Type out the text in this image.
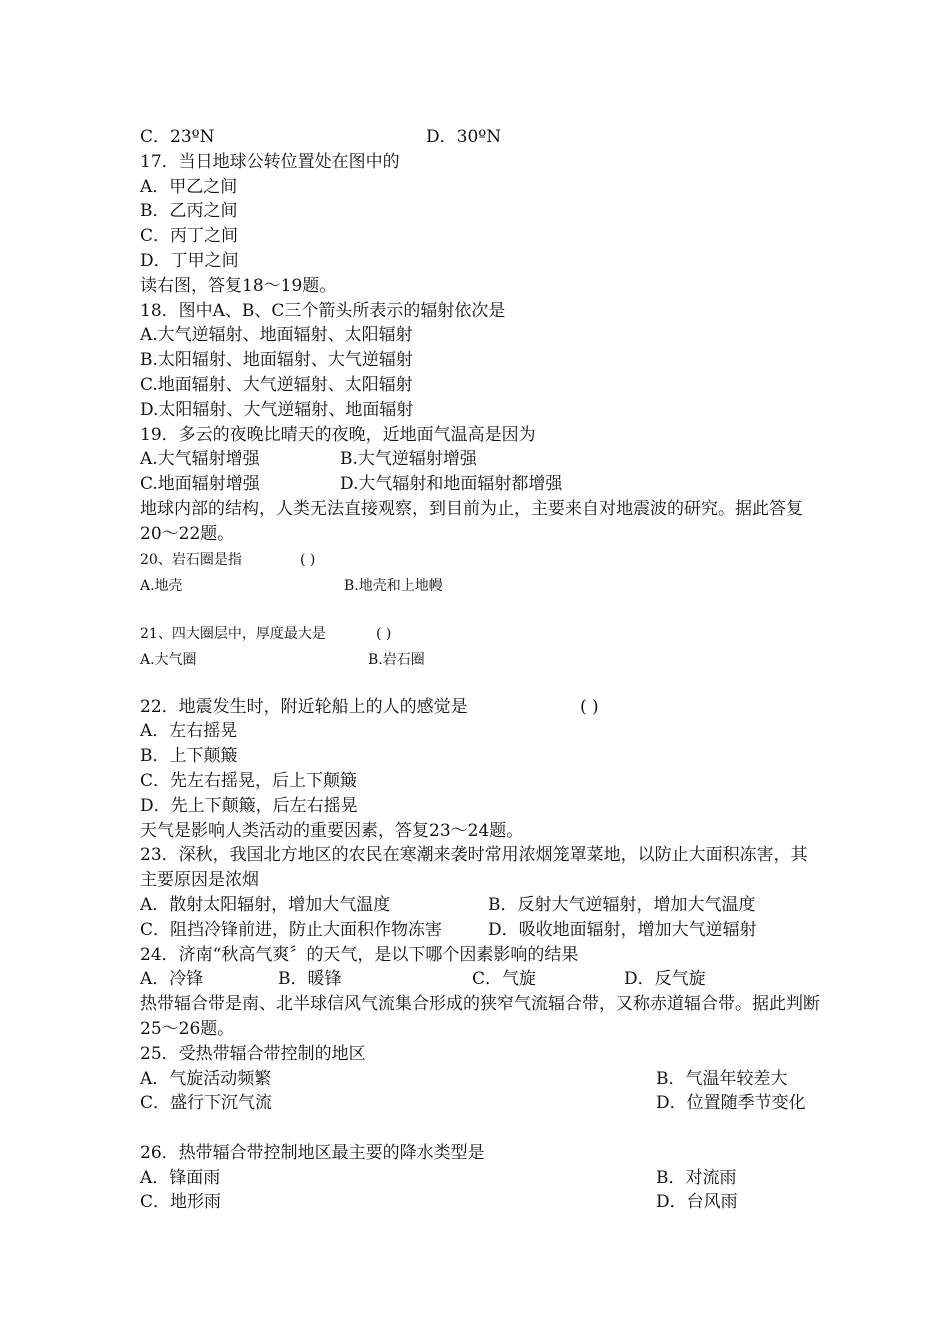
C．23ºN	D．30ºN
17．当日地球公转位置处在图中的
A．甲乙之间
B．乙丙之间
C．丙丁之间
D．丁甲之间
读右图，答复18～19题。
18．图中A、B、C三个箭头所表示的辐射依次是
A.大气逆辐射、地面辐射、太阳辐射
B.太阳辐射、地面辐射、大气逆辐射
C.地面辐射、大气逆辐射、太阳辐射
D.太阳辐射、大气逆辐射、地面辐射
19．多云的夜晚比晴天的夜晚，近地面气温高是因为
A.大气辐射增强	B.大气逆辐射增强
C.地面辐射增强	D.大气辐射和地面辐射都增强
地球内部的结构，人类无法直接观察，到目前为止，主要来自对地震波的研究。据此答复20～22题。
20、岩石圈是指	( )
A.地壳	B.地壳和上地幔
21、四大圈层中，厚度最大是	( )
A.大气圈	B.岩石圈
22．地震发生时，附近轮船上的人的感觉是	( )
A．左右摇晃
B．上下颠簸
C．先左右摇晃，后上下颠簸
D．先上下颠簸，后左右摇晃
天气是影响人类活动的重要因素，答复23～24题。
23．深秋，我国北方地区的农民在寒潮来袭时常用浓烟笼罩菜地，以防止大面积冻害，其主要原因是浓烟
A．散射太阳辐射，增加大气温度	B．反射大气逆辐射，增加大气温度
C．阻挡冷锋前进，防止大面积作物冻害	D．吸收地面辐射，增加大气逆辐射
24．济南“秋高气爽〞的天气，是以下哪个因素影响的结果
A．冷锋	B．暖锋	C．气旋	D．反气旋
热带辐合带是南、北半球信风气流集合形成的狭窄气流辐合带，又称赤道辐合带。据此判断25～26题。
25．受热带辐合带控制的地区
A．气旋活动频繁	B．气温年较差大
C．盛行下沉气流	D．位置随季节变化
26．热带辐合带控制地区最主要的降水类型是
A．锋面雨	B．对流雨
C．地形雨	D．台风雨
